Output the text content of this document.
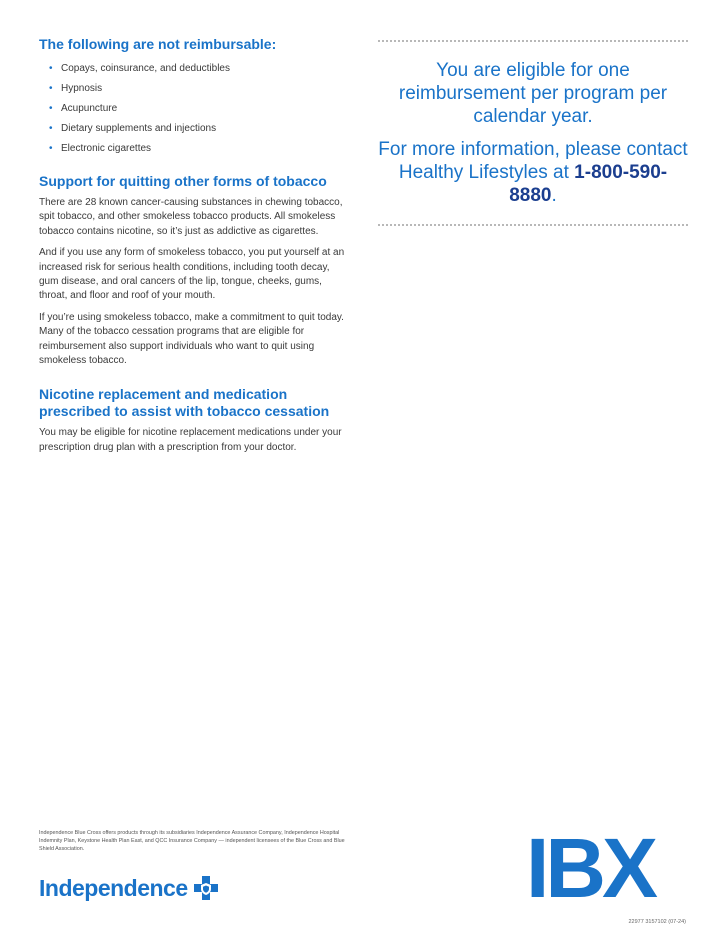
The following are not reimbursable:
• Copays, coinsurance, and deductibles
• Hypnosis
• Acupuncture
• Dietary supplements and injections
• Electronic cigarettes
Support for quitting other forms of tobacco

There are 28 known cancer-causing substances in chewing tobacco, spit tobacco, and other smokeless tobacco products. All smokeless tobacco contains nicotine, so it’s just as addictive as cigarettes.

And if you use any form of smokeless tobacco, you put yourself at an increased risk for serious health conditions, including tooth decay, gum disease, and oral cancers of the lip, tongue, cheeks, gums, throat, and floor and roof of your mouth.

If you’re using smokeless tobacco, make a commitment to quit today. Many of the tobacco cessation programs that are eligible for reimbursement also support individuals who want to quit using smokeless tobacco.

Nicotine replacement and medication prescribed to assist with tobacco cessation

You may be eligible for nicotine replacement medications under your prescription drug plan with a prescription from your doctor.

You are eligible for one reimbursement per program per calendar year.
For more information, please contact Healthy Lifestyles at 1-800-590-8880.
Independence Blue Cross offers products through its subsidiaries Independence Assurance Company, Independence Hospital Indemnity Plan, Keystone Health Plan East, and QCC Insurance Company — independent licensees of the Blue Cross and Blue Shield Association.
Independence	IBX
22977 3157102 (07-24)
